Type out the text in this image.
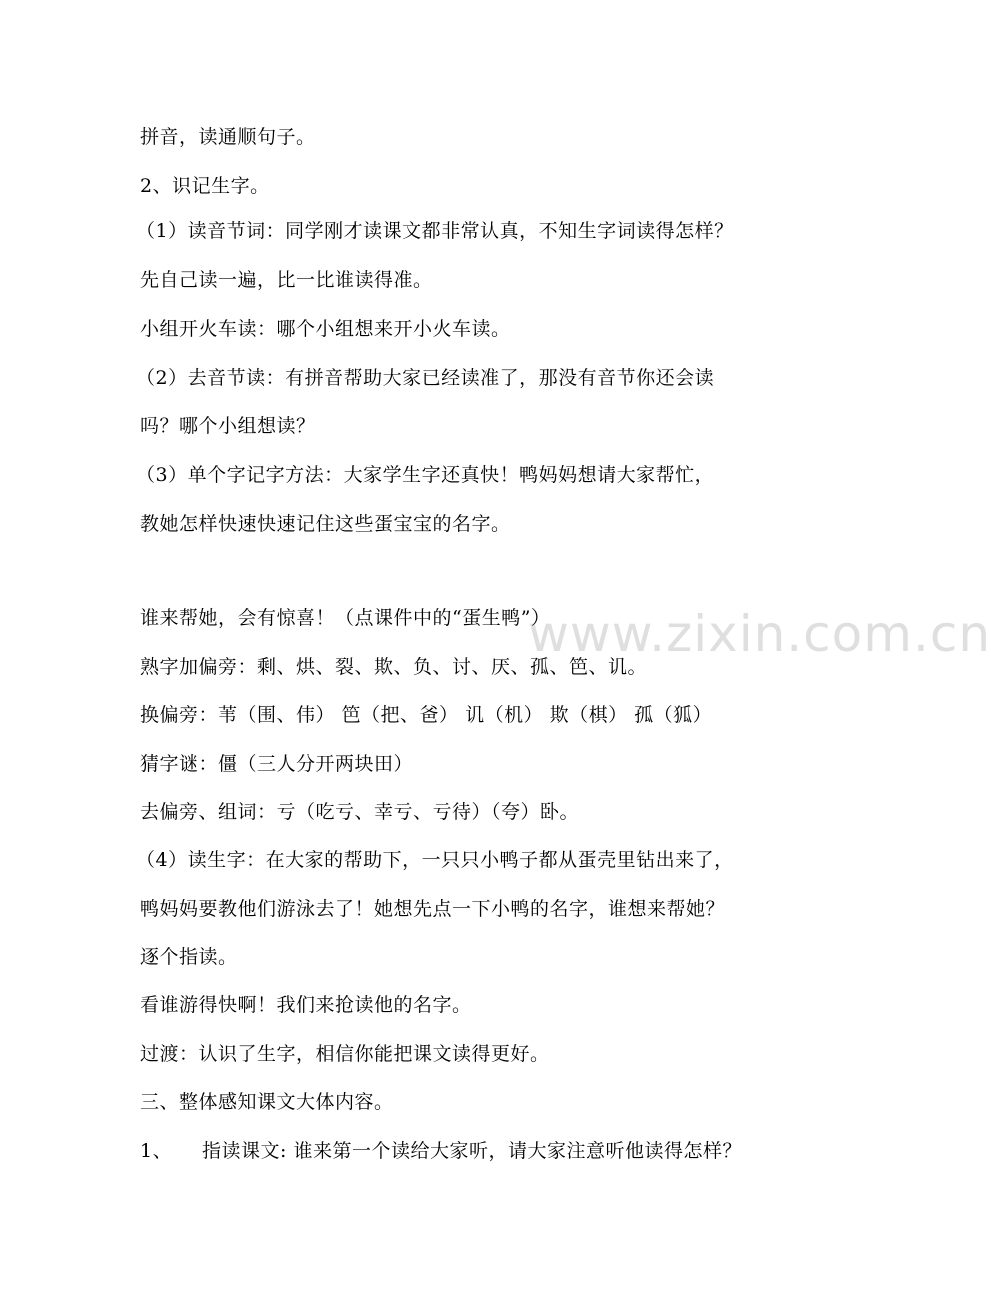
www.zixin.com.cn
拼音，读通顺句子。
2、识记生字。
（1）读音节词：同学刚才读课文都非常认真，不知生字词读得怎样？
先自己读一遍，比一比谁读得准。
小组开火车读：哪个小组想来开小火车读。
（2）去音节读：有拼音帮助大家已经读准了，那没有音节你还会读
吗？哪个小组想读？
（3）单个字记字方法：大家学生字还真快！鸭妈妈想请大家帮忙，
教她怎样快速快速记住这些蛋宝宝的名字。
谁来帮她，会有惊喜！（点课件中的“蛋生鸭”）
熟字加偏旁：剩、烘、裂、欺、负、讨、厌、孤、笆、讥。
换偏旁：苇（围、伟） 笆（把、爸） 讥（机） 欺（棋） 孤（狐）
猜字谜：僵（三人分开两块田）
去偏旁、组词：亏（吃亏、幸亏、亏待）（夸）卧。
（4）读生字：在大家的帮助下，一只只小鸭子都从蛋壳里钻出来了，
鸭妈妈要教他们游泳去了！她想先点一下小鸭的名字，谁想来帮她？
逐个指读。
看谁游得快啊！我们来抢读他的名字。
过渡：认识了生字，相信你能把课文读得更好。
三、整体感知课文大体内容。
1、 指读课文: 谁来第一个读给大家听，请大家注意听他读得怎样？
